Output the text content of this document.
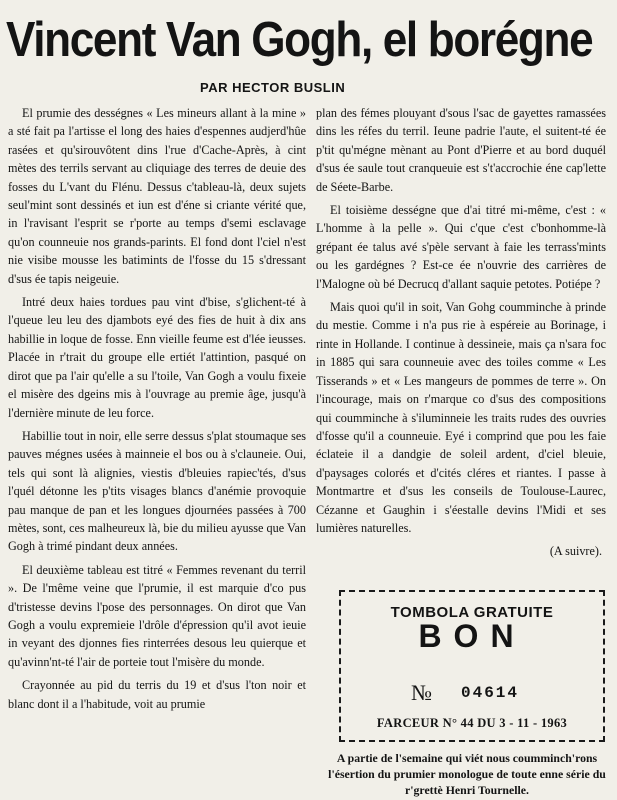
Vincent Van Gogh, el borégne
PAR HECTOR BUSLIN

El prumie des dességnes « Les mineurs allant à la mine » a sté fait pa l'artisse el long des haies d'espennes audjerd'hûe rasées et qu'sirouvôtent dins l'rue d'Cache-Après, à cint mètes des terrils servant au cliquiage des terres de deuie des fosses du L'vant du Flénu. Dessus c'tableau-là, deux sujets seul'mint sont dessinés et iun est d'éne si criante vérité que, in l'ravisant l'esprit se r'porte au temps d'semi esclavage qu'on counneuie nos grands-parints. El fond dont l'ciel n'est nie visibe mousse les batimints de l'fosse du 15 s'dressant d'sus ée tapis neigeuie.

Intré deux haies tordues pau vint d'bise, s'glichent-té à l'queue leu leu des djambots eyé des fies de huit à dix ans habillie in loque de fosse. Enn vieille feume est d'lée ieusses. Placée in r'trait du groupe elle ertiét l'attintion, pasqué on dirot que pa l'air qu'elle a su l'toile, Van Gogh a voulu fixeie el misère des dgeins mis à l'ouvrage au premie âge, jusqu'à l'dernière minute de leu force.

Habillie tout in noir, elle serre dessus s'plat stoumaque ses pauves mégnes usées à mainneie el bos ou à s'clauneie. Oui, tels qui sont là alignies, viestis d'bleuies rapiec'tés, d'sus l'quél détonne les p'tits visages blancs d'anémie provoquie pau manque de pan et les longues djournées passées à 700 mètes, sont, ces malheureux là, bie du milieu ayusse que Van Gogh à trimé pindant deux années.

El deuxième tableau est titré « Femmes revenant du terril ». De l'même veine que l'prumie, il est marquie d'co pus d'tristesse devins l'pose des personnages. On dirot que Van Gogh a voulu expremieie l'drôle d'épression qu'il avot ieuie in veyant des djonnes fies rinterrées desous leu quierque et qu'avinn'nt-té l'air de porteie tout l'misère du monde.

Crayonnée au pid du terris du 19 et d'sus l'ton noir et blanc dont il a l'habitude, voit au prumie

plan des fémes plouyant d'sous l'sac de gayettes ramassées dins les réfes du terril. Ieune padrie l'aute, el suitent-té ée p'tit qu'mégne mènant au Pont d'Pierre et au bord duquél d'sus ée saule tout cranqueuie est s't'accrochie éne cap'lette de Séete-Barbe.

El toisième dességne que d'ai titré mi-même, c'est : « L'homme à la pelle ». Qui c'que c'est c'bonhomme-là grépant ée talus avé s'pèle servant à faie les terrass'mints ou les gardégnes ? Est-ce ée n'ouvrie des carrières de l'Malogne où bé Decrucq d'allant saquie petotes. Potiépe ?

Mais quoi qu'il in soit, Van Gohg coumminche à prinde du mestie. Comme i n'a pus rie à espéreie au Borinage, i rinte in Hollande. I continue à dessineie, mais ça n'sara foc in 1885 qui sara counneuie avec des toiles comme « Les Tisserands » et « Les mangeurs de pommes de terre ». On l'incourage, mais on r'marque co d'sus des compositions qui coumminche à s'iluminneie les traits rudes des ouvries d'fosse qu'il a counneuie. Eyé i comprind que pou les faie éclateie il a dandgie de soleil ardent, d'ciel bleuie, d'paysages colorés et d'cités cléres et riantes. I passe à Montmartre et d'sus les conseils de Toulouse-Laurec, Cézanne et Gaughin i s'éestalle devins l'Midi et ses lumières naturelles.

(A suivre).

TOMBOLA GRATUITE
BON
№ 04614
FARCEUR N° 44 DU 3 - 11 - 1963
A partie de l'semaine qui viét nous coumminch'rons l'ésertion du prumier monologue de toute enne série du r'grettè Henri Tournelle.
